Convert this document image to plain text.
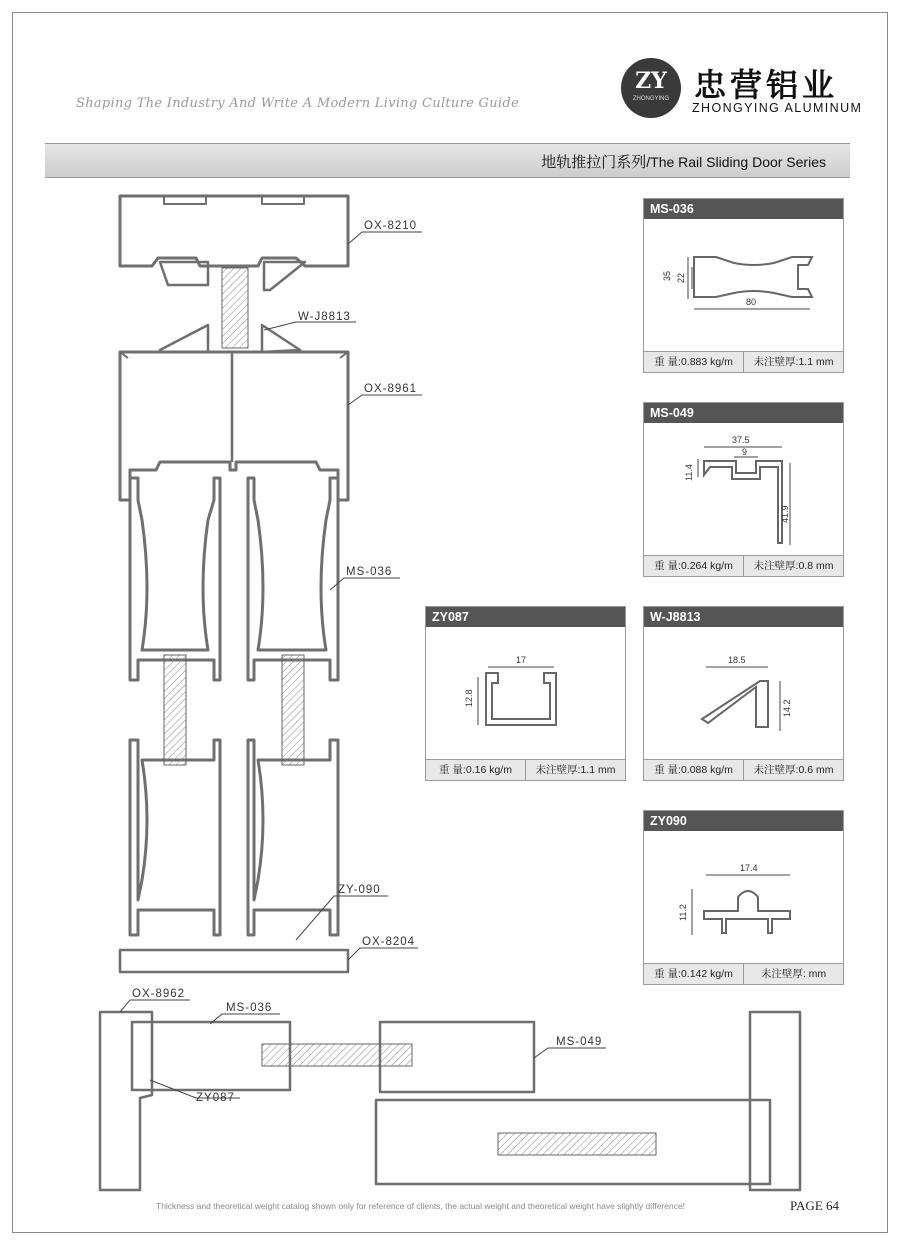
Shaping The Industry And Write A Modern Living Culture Guide
ZY
ZHONGYING 忠营铝业
ZHONGYING ALUMINUM
地轨推拉门系列/The Rail Sliding Door Series
OX-8210
W-J8813
OX-8961
MS-036
ZY-090
OX-8204
OX-8962
MS-036
ZY087
MS-049
MS-036
35 22
80
重 量:0.883 kg/m	未注壁厚:1.1 mm
MS-049
37.5
9
11.4
41.9
重 量:0.264 kg/m	未注壁厚:0.8 mm
ZY087
17
12.8
重 量:0.16 kg/m	未注壁厚:1.1 mm
W-J8813
18.5
14.2
重 量:0.088 kg/m	未注壁厚:0.6 mm
ZY090
17.4
11.2
重 量:0.142 kg/m	未注壁厚: mm
Thickness and theoretical weight catalog shown only for reference of clients, the actual weight and theoretical weight have slightly difference!	PAGE 64
